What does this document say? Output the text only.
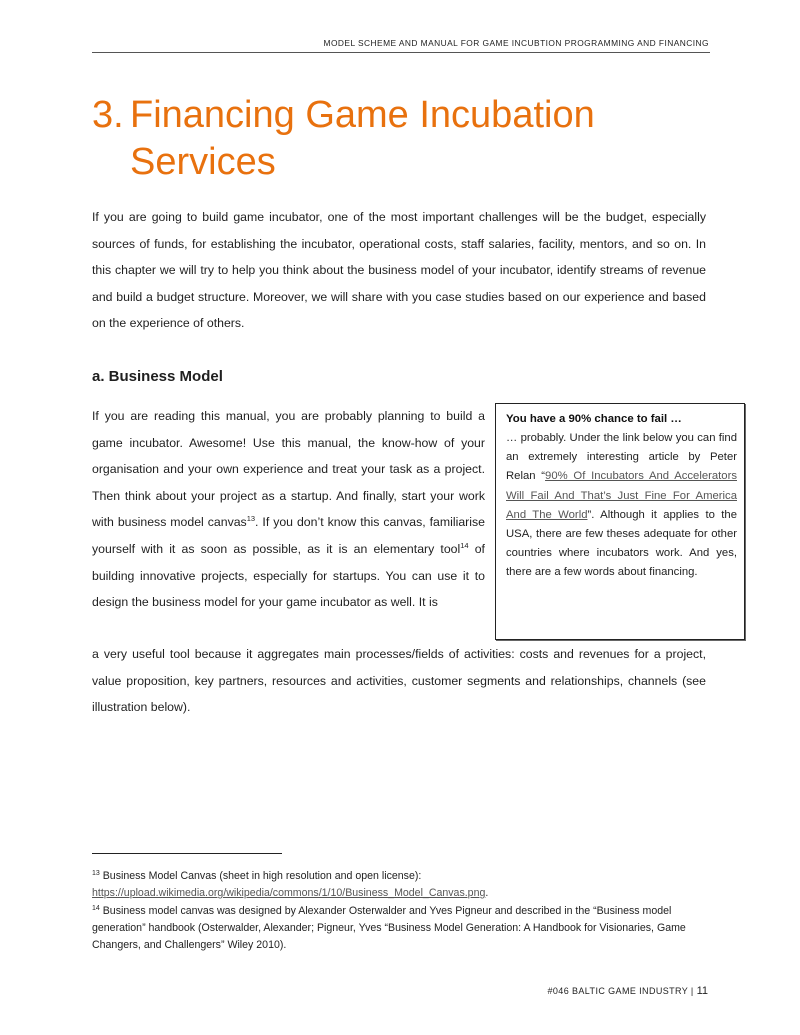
MODEL SCHEME AND MANUAL FOR GAME INCUBTION PROGRAMMING AND FINANCING
3. Financing Game Incubation
Services

If you are going to build game incubator, one of the most important challenges will be the budget, especially sources of funds, for establishing the incubator, operational costs, staff salaries, facility, mentors, and so on. In this chapter we will try to help you think about the business model of your incubator, identify streams of revenue and build a budget structure. Moreover, we will share with you case studies based on our experience and based on the experience of others.

a. Business Model

If you are reading this manual, you are probably planning to build a game incubator. Awesome! Use this manual, the know-how of your organisation and your own experience and treat your task as a project. Then think about your project as a startup. And finally, start your work with business model canvas$^{13}$. If you don’t know this canvas, familiarise yourself with it as soon as possible, as it is an elementary tool$^{14}$ of building innovative projects, especially for startups. You can use it to design the business model for your game incubator as well. It is

You have a 90% chance to fail …

… probably. Under the link below you can find an extremely interesting article by Peter Relan “90% Of Incubators And Accelerators Will Fail And That’s Just Fine For America And The World”. Although it applies to the USA, there are few theses adequate for other countries where incubators work. And yes, there are a few words about financing.

a very useful tool because it aggregates main processes/fields of activities: costs and revenues for a project, value proposition, key partners, resources and activities, customer segments and relationships, channels (see illustration below).

$^{13}$ Business Model Canvas (sheet in high resolution and open license):
https://upload.wikimedia.org/wikipedia/commons/1/10/Business_Model_Canvas.png.

$^{14}$ Business model canvas was designed by Alexander Osterwalder and Yves Pigneur and described in the “Business model generation” handbook (Osterwalder, Alexander; Pigneur, Yves “Business Model Generation: A Handbook for Visionaries, Game Changers, and Challengers” Wiley 2010).

#046 BALTIC GAME INDUSTRY | 11
